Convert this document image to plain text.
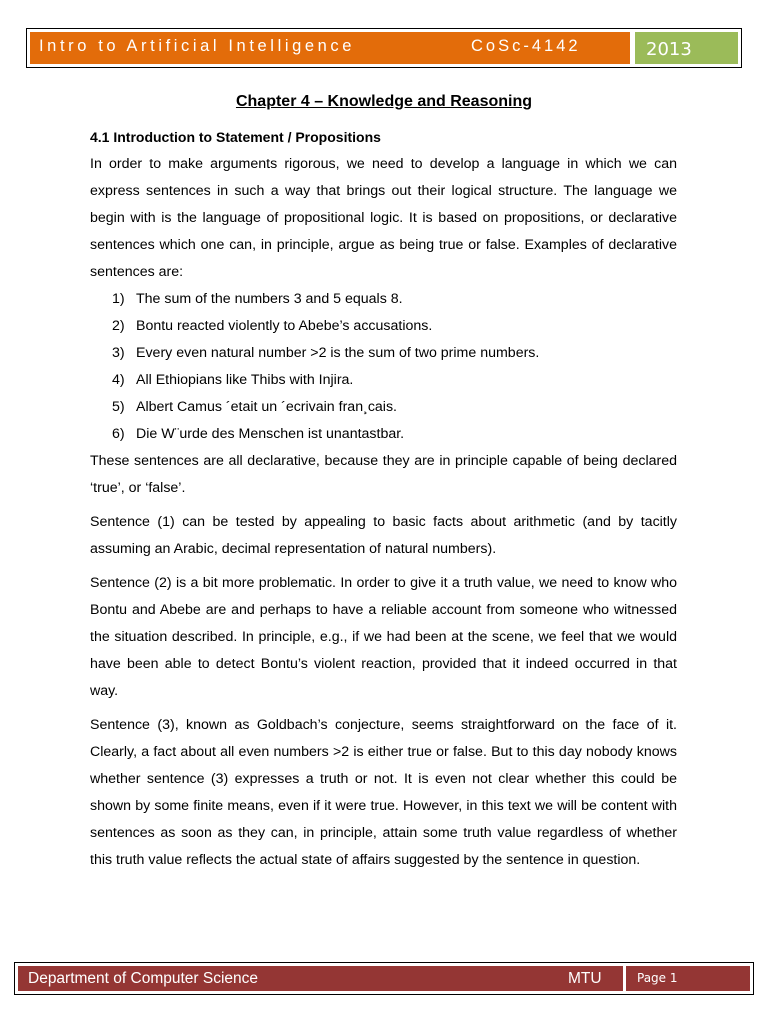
Intro to Artificial Intelligence	CoSc-4142	2013
Chapter 4 – Knowledge and Reasoning
4.1 Introduction to Statement / Propositions

In order to make arguments rigorous, we need to develop a language in which we can express sentences in such a way that brings out their logical structure. The language we begin with is the language of propositional logic. It is based on propositions, or declarative sentences which one can, in principle, argue as being true or false. Examples of declarative sentences are:

1) The sum of the numbers 3 and 5 equals 8.
2) Bontu reacted violently to Abebe’s accusations.
3) Every even natural number >2 is the sum of two prime numbers.
4) All Ethiopians like Thibs with Injira.
5) Albert Camus ´etait un ´ecrivain fran¸cais.
6) Die W¨urde des Menschen ist unantastbar.

These sentences are all declarative, because they are in principle capable of being declared ‘true’, or ‘false’.

Sentence (1) can be tested by appealing to basic facts about arithmetic (and by tacitly assuming an Arabic, decimal representation of natural numbers).

Sentence (2) is a bit more problematic. In order to give it a truth value, we need to know who Bontu and Abebe are and perhaps to have a reliable account from someone who witnessed the situation described. In principle, e.g., if we had been at the scene, we feel that we would have been able to detect Bontu’s violent reaction, provided that it indeed occurred in that way.

Sentence (3), known as Goldbach’s conjecture, seems straightforward on the face of it. Clearly, a fact about all even numbers >2 is either true or false. But to this day nobody knows whether sentence (3) expresses a truth or not. It is even not clear whether this could be shown by some finite means, even if it were true. However, in this text we will be content with sentences as soon as they can, in principle, attain some truth value regardless of whether this truth value reflects the actual state of affairs suggested by the sentence in question.

Department of Computer Science	MTU	Page 1
